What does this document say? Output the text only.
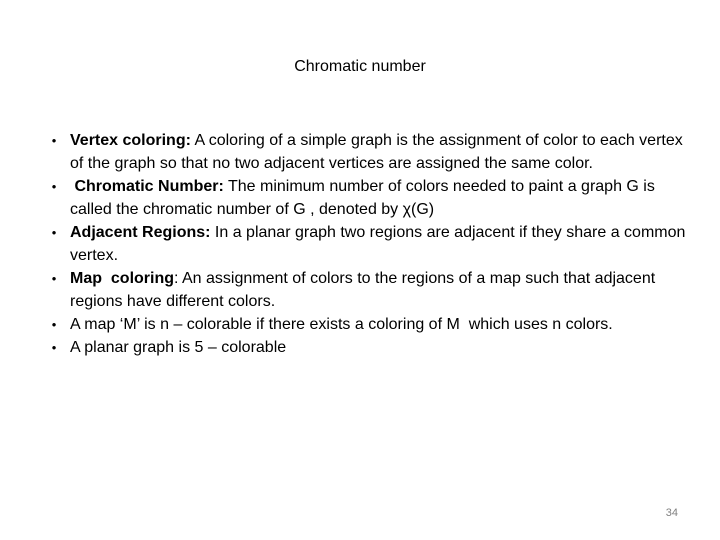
Chromatic number
• Vertex coloring: A coloring of a simple graph is the assignment of color to each vertex of the graph so that no two adjacent vertices are assigned the same color.
• Chromatic Number: The minimum number of colors needed to paint a graph G is called the chromatic number of G , denoted by χ(G)
• Adjacent Regions: In a planar graph two regions are adjacent if they share a common vertex.
• Map  coloring: An assignment of colors to the regions of a map such that adjacent regions have different colors.
• A map ‘M’ is n – colorable if there exists a coloring of M  which uses n colors.
• A planar graph is 5 – colorable
34
